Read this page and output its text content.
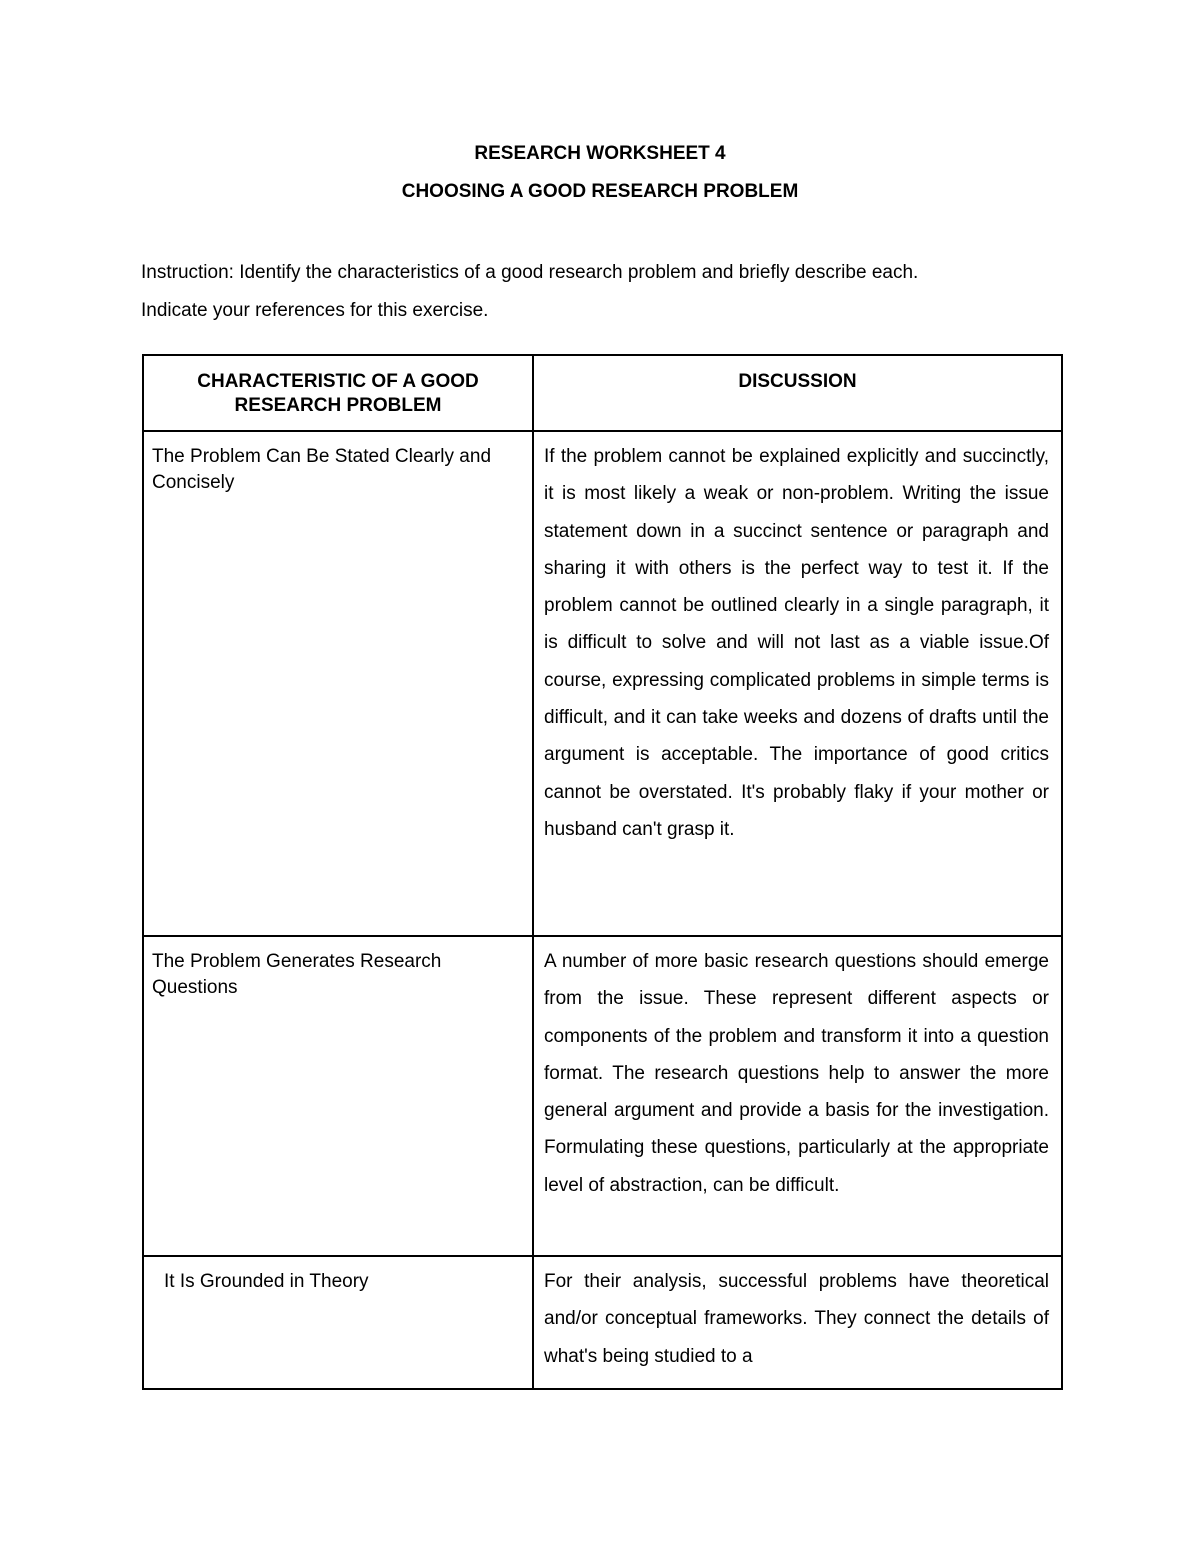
RESEARCH WORKSHEET 4
CHOOSING A GOOD RESEARCH PROBLEM

Instruction: Identify the characteristics of a good research problem and briefly describe each.

Indicate your references for this exercise.

CHARACTERISTIC OF A GOOD RESEARCH PROBLEM	DISCUSSION
The Problem Can Be Stated Clearly and Concisely	If the problem cannot be explained explicitly and succinctly, it is most likely a weak or non-problem. Writing the issue statement down in a succinct sentence or paragraph and sharing it with others is the perfect way to test it. If the problem cannot be outlined clearly in a single paragraph, it is difficult to solve and will not last as a viable issue.Of course, expressing complicated problems in simple terms is difficult, and it can take weeks and dozens of drafts until the argument is acceptable. The importance of good critics cannot be overstated. It's probably flaky if your mother or husband can't grasp it.
The Problem Generates Research Questions	A number of more basic research questions should emerge from the issue. These represent different aspects or components of the problem and transform it into a question format. The research questions help to answer the more general argument and provide a basis for the investigation. Formulating these questions, particularly at the appropriate level of abstraction, can be difficult.
It Is Grounded in Theory	For their analysis, successful problems have theoretical and/or conceptual frameworks. They connect the details of what's being studied to a
